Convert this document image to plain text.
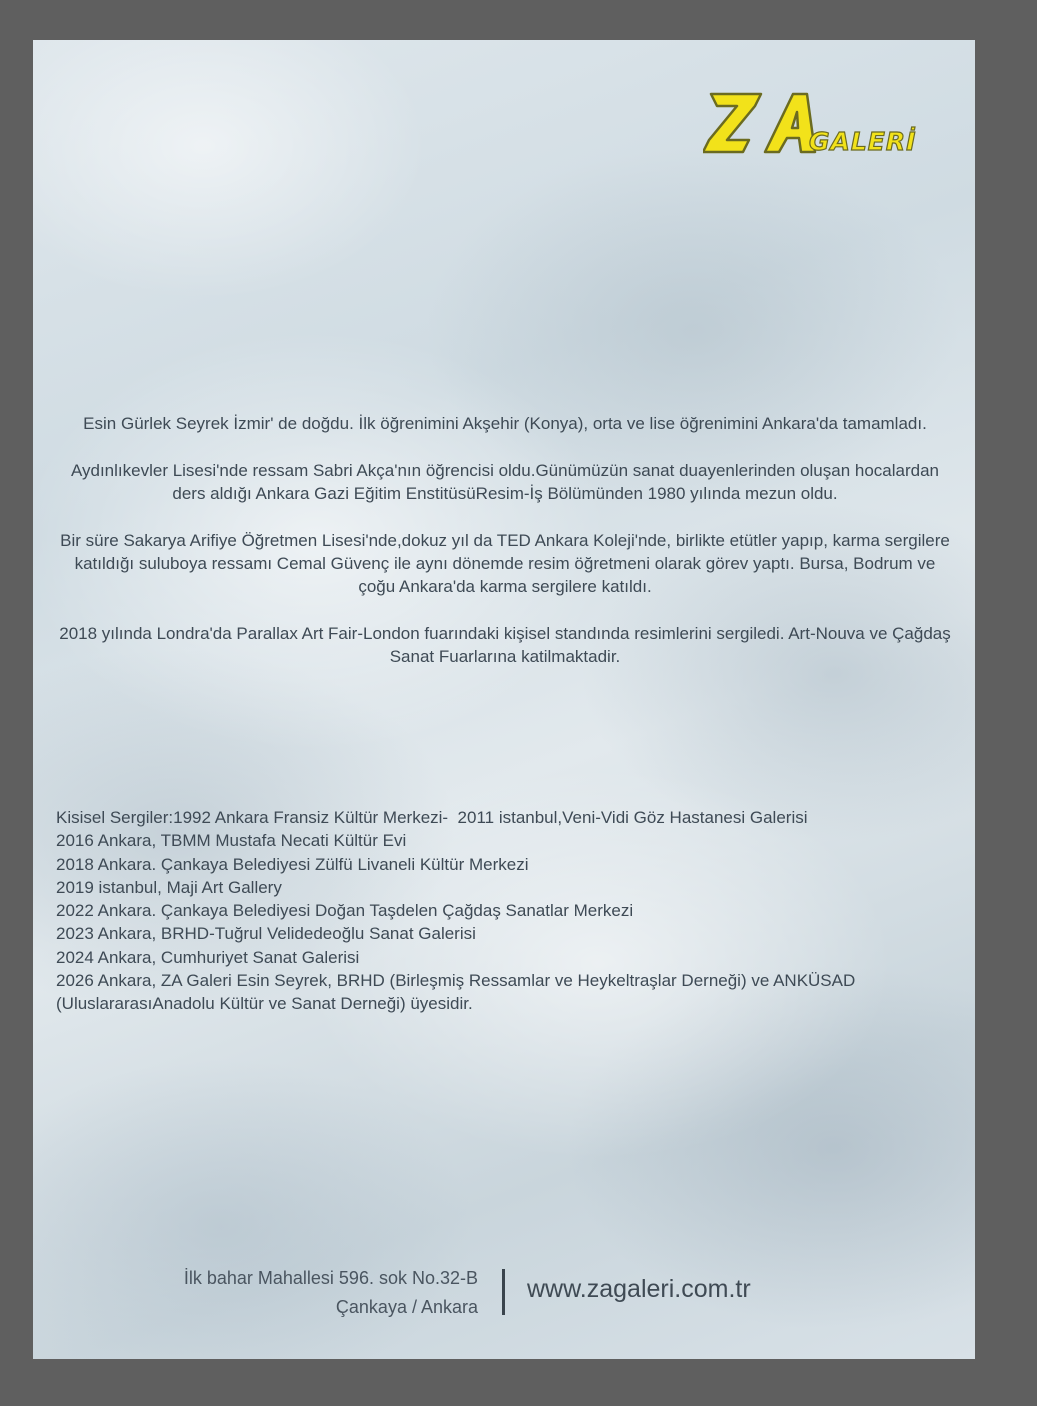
GALERİ

Esin Gürlek Seyrek İzmir' de doğdu. İlk öğrenimini Akşehir (Konya), orta ve lise öğrenimini Ankara'da tamamladı.

Aydınlıkevler Lisesi'nde ressam Sabri Akça'nın öğrencisi oldu.Günümüzün sanat duayenlerinden oluşan hocalardan ders aldığı Ankara Gazi Eğitim EnstitüsüResim-İş Bölümünden 1980 yılında mezun oldu.

Bir süre Sakarya Arifiye Öğretmen Lisesi'nde,dokuz yıl da TED Ankara Koleji'nde, birlikte etütler yapıp, karma sergilere katıldığı suluboya ressamı Cemal Güvenç ile aynı dönemde resim öğretmeni olarak görev yaptı. Bursa, Bodrum ve çoğu Ankara'da karma sergilere katıldı.

2018 yılında Londra'da Parallax Art Fair-London fuarındaki kişisel standında resimlerini sergiledi. Art-Nouva ve Çağdaş Sanat Fuarlarına katilmaktadir.

Kisisel Sergiler:1992 Ankara Fransiz Kültür Merkezi-  2011 istanbul,Veni-Vidi Göz Hastanesi Galerisi
2016 Ankara, TBMM Mustafa Necati Kültür Evi
2018 Ankara. Çankaya Belediyesi Zülfü Livaneli Kültür Merkezi
2019 istanbul, Maji Art Gallery
2022 Ankara. Çankaya Belediyesi Doğan Taşdelen Çağdaş Sanatlar Merkezi
2023 Ankara, BRHD-Tuğrul Velidedeoğlu Sanat Galerisi
2024 Ankara, Cumhuriyet Sanat Galerisi
2026 Ankara, ZA Galeri Esin Seyrek, BRHD (Birleşmiş Ressamlar ve Heykeltraşlar Derneği) ve ANKÜSAD (UluslararasıAnadolu Kültür ve Sanat Derneği) üyesidir.
İlk bahar Mahallesi 596. sok No.32-B
Çankaya / Ankara
www.zagaleri.com.tr
